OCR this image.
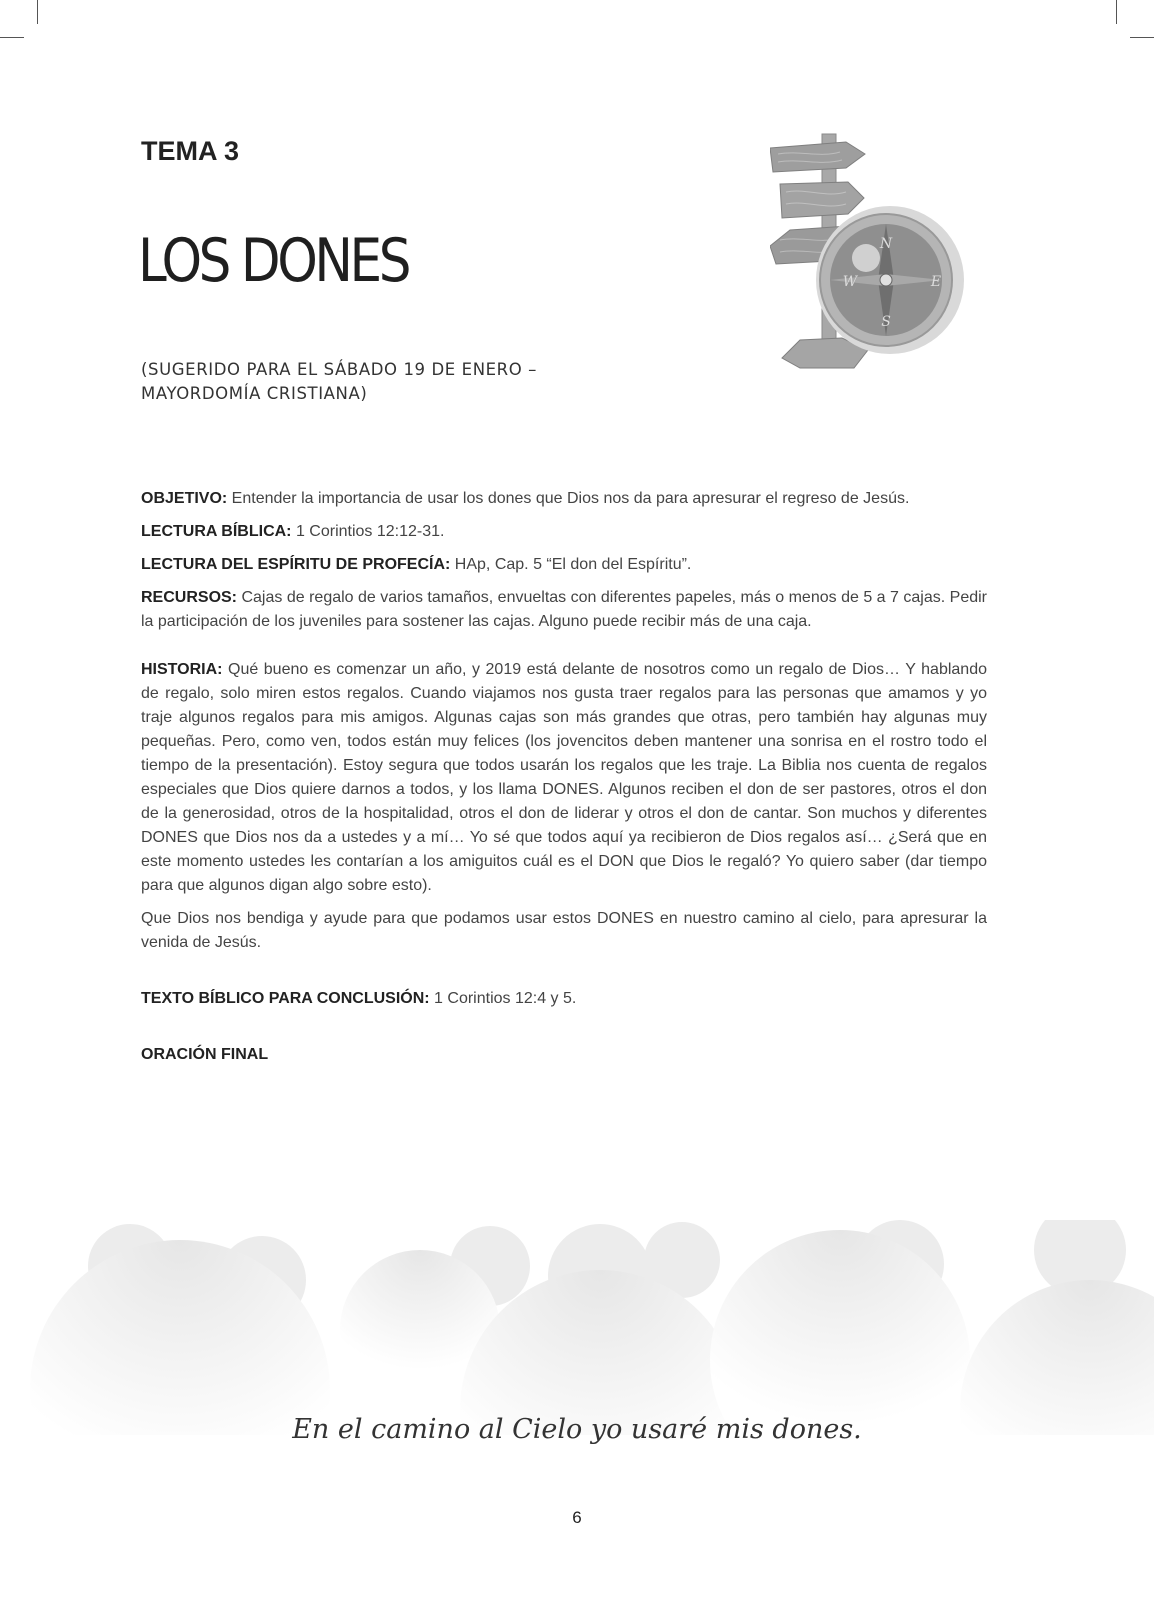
TEMA 3
LOS DONES

(SUGERIDO PARA EL SÁBADO 19 DE ENERO – MAYORDOMÍA CRISTIANA)

N
S
E
W

OBJETIVO: Entender la importancia de usar los dones que Dios nos da para apresurar el regreso de Jesús.

LECTURA BÍBLICA: 1 Corintios 12:12-31.

LECTURA DEL ESPÍRITU DE PROFECÍA: HAp, Cap. 5 “El don del Espíritu”.

RECURSOS: Cajas de regalo de varios tamaños, envueltas con diferentes papeles, más o menos de 5 a 7 cajas. Pedir la participación de los juveniles para sostener las cajas. Alguno puede recibir más de una caja.

HISTORIA: Qué bueno es comenzar un año, y 2019 está delante de nosotros como un regalo de Dios… Y hablando de regalo, solo miren estos regalos. Cuando viajamos nos gusta traer regalos para las personas que amamos y yo traje algunos regalos para mis amigos. Algunas cajas son más grandes que otras, pero también hay algunas muy pequeñas. Pero, como ven, todos están muy felices (los jovencitos deben mantener una sonrisa en el rostro todo el tiempo de la presentación). Estoy segura que todos usarán los regalos que les traje. La Biblia nos cuenta de regalos especiales que Dios quiere darnos a todos, y los llama DONES. Algunos reciben el don de ser pastores, otros el don de la generosidad, otros de la hospitalidad, otros el don de liderar y otros el don de cantar. Son muchos y diferentes DONES que Dios nos da a ustedes y a mí… Yo sé que todos aquí ya recibieron de Dios regalos así… ¿Será que en este momento ustedes les contarían a los amiguitos cuál es el DON que Dios le regaló? Yo quiero saber (dar tiempo para que algunos digan algo sobre esto).

Que Dios nos bendiga y ayude para que podamos usar estos DONES en nuestro camino al cielo, para apresurar la venida de Jesús.

TEXTO BÍBLICO PARA CONCLUSIÓN: 1 Corintios 12:4 y 5.

ORACIÓN FINAL

En el camino al Cielo yo usaré mis dones.

6
